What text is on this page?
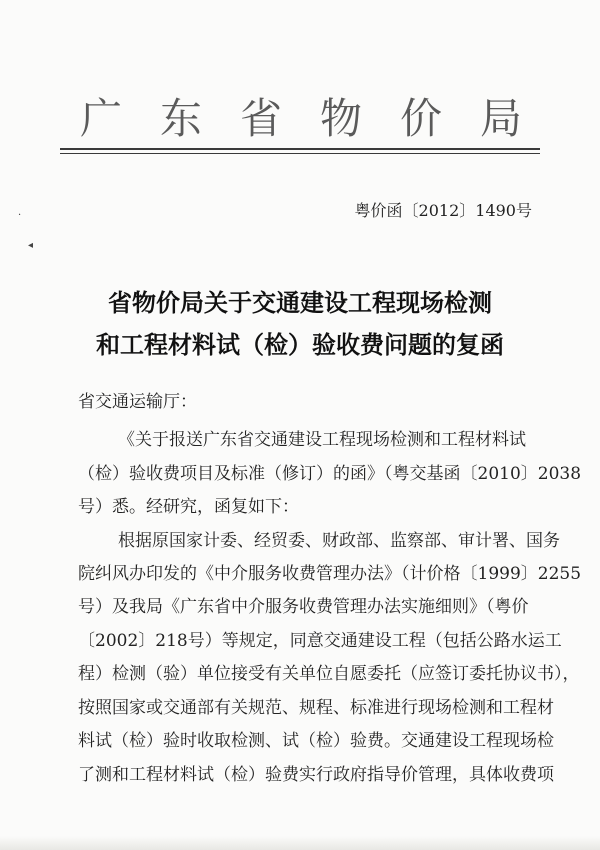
广东省物价局
·
◂
粤价函〔2012〕1490号
省物价局关于交通建设工程现场检测
和工程材料试（检）验收费问题的复函
省交通运输厅：
《关于报送广东省交通建设工程现场检测和工程材料试
（检）验收费项目及标准（修订）的函》（粤交基函〔2010〕2038
号）悉。经研究，函复如下：
根据原国家计委、经贸委、财政部、监察部、审计署、国务
院纠风办印发的《中介服务收费管理办法》（计价格〔1999〕2255
号）及我局《广东省中介服务收费管理办法实施细则》（粤价
〔2002〕218号）等规定，同意交通建设工程（包括公路水运工
程）检测（验）单位接受有关单位自愿委托（应签订委托协议书），
按照国家或交通部有关规范、规程、标准进行现场检测和工程材
料试（检）验时收取检测、试（检）验费。交通建设工程现场检
了测和工程材料试（检）验费实行政府指导价管理，具体收费项
